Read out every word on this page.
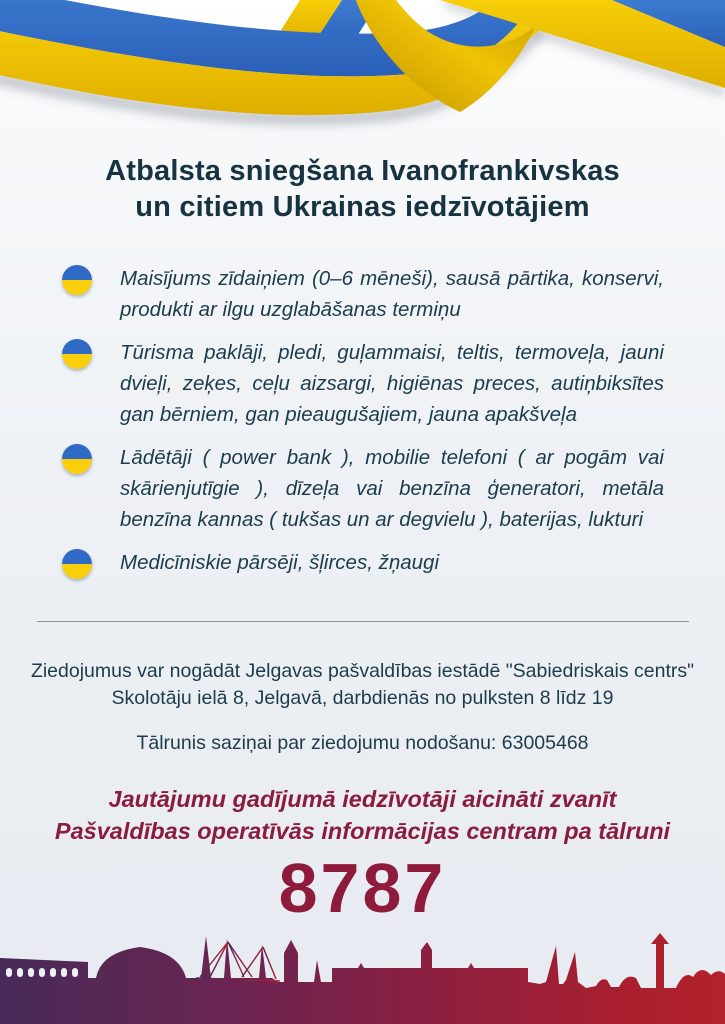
Atbalsta sniegšana Ivanofrankivskas
un citiem Ukrainas iedzīvotājiem
Maisījums zīdaiņiem (0–6 mēneši), sausā pārtika, konservi, produkti ar ilgu uzglabāšanas termiņu
Tūrisma paklāji, pledi, guļammaisi, teltis, termoveļa, jauni dvieļi, zeķes, ceļu aizsargi, higiēnas preces, autiņbiksītes gan bērniem, gan pieaugušajiem, jauna apakšveļa
Lādētāji ( power bank ), mobilie telefoni ( ar pogām vai skārienjutīgie ), dīzeļa vai benzīna ģeneratori, metāla benzīna kannas ( tukšas un ar degvielu ), baterijas, lukturi
Medicīniskie pārsēji, šļirces, žņaugi
Ziedojumus var nogādāt Jelgavas pašvaldības iestādē "Sabiedriskais centrs"
Skolotāju ielā 8, Jelgavā, darbdienās no pulksten 8 līdz 19
Tālrunis saziņai par ziedojumu nodošanu: 63005468
Jautājumu gadījumā iedzīvotāji aicināti zvanīt
Pašvaldības operatīvās informācijas centram pa tālruni
8787
